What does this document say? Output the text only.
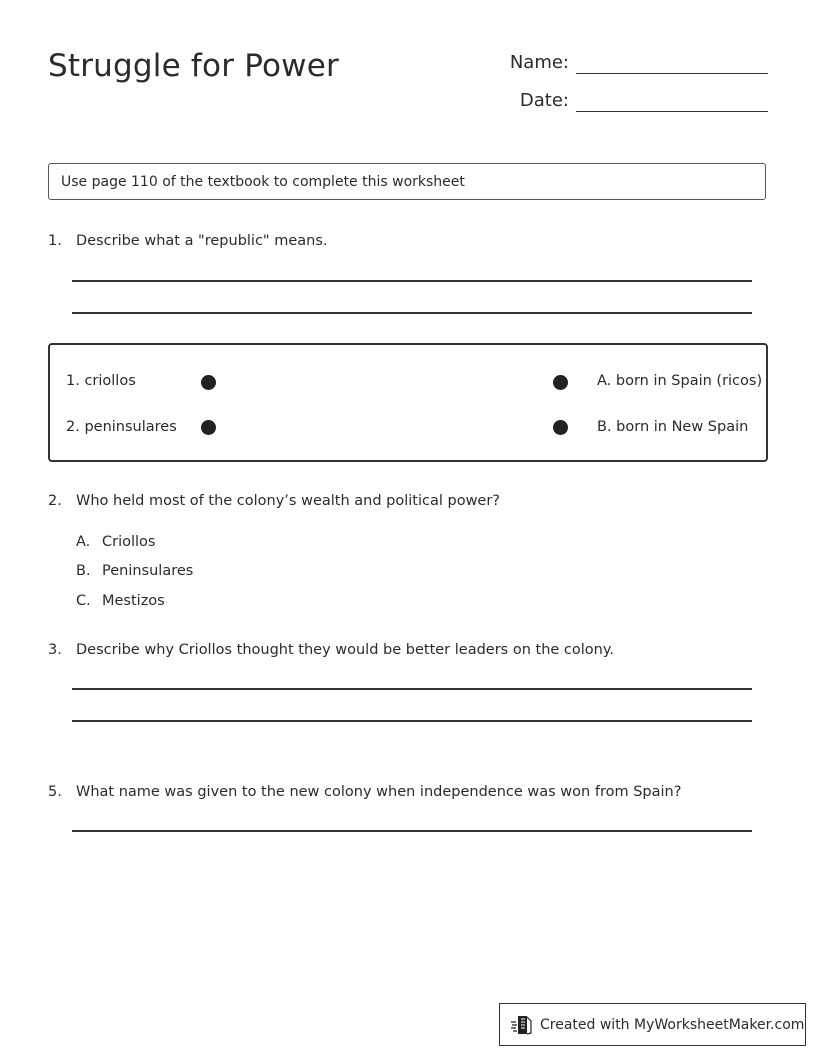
Struggle for Power	Name:
Date:
Use page 110 of the textbook to complete this worksheet
1. Describe what a "republic" means.
1. criollos	A. born in Spain (ricos)
2. peninsulares	B. born in New Spain
2. Who held most of the colony’s wealth and political power?
A. Criollos
B. Peninsulares
C. Mestizos
3. Describe why Criollos thought they would be better leaders on the colony.
5. What name was given to the new colony when independence was won from Spain?
Created with MyWorksheetMaker.com
